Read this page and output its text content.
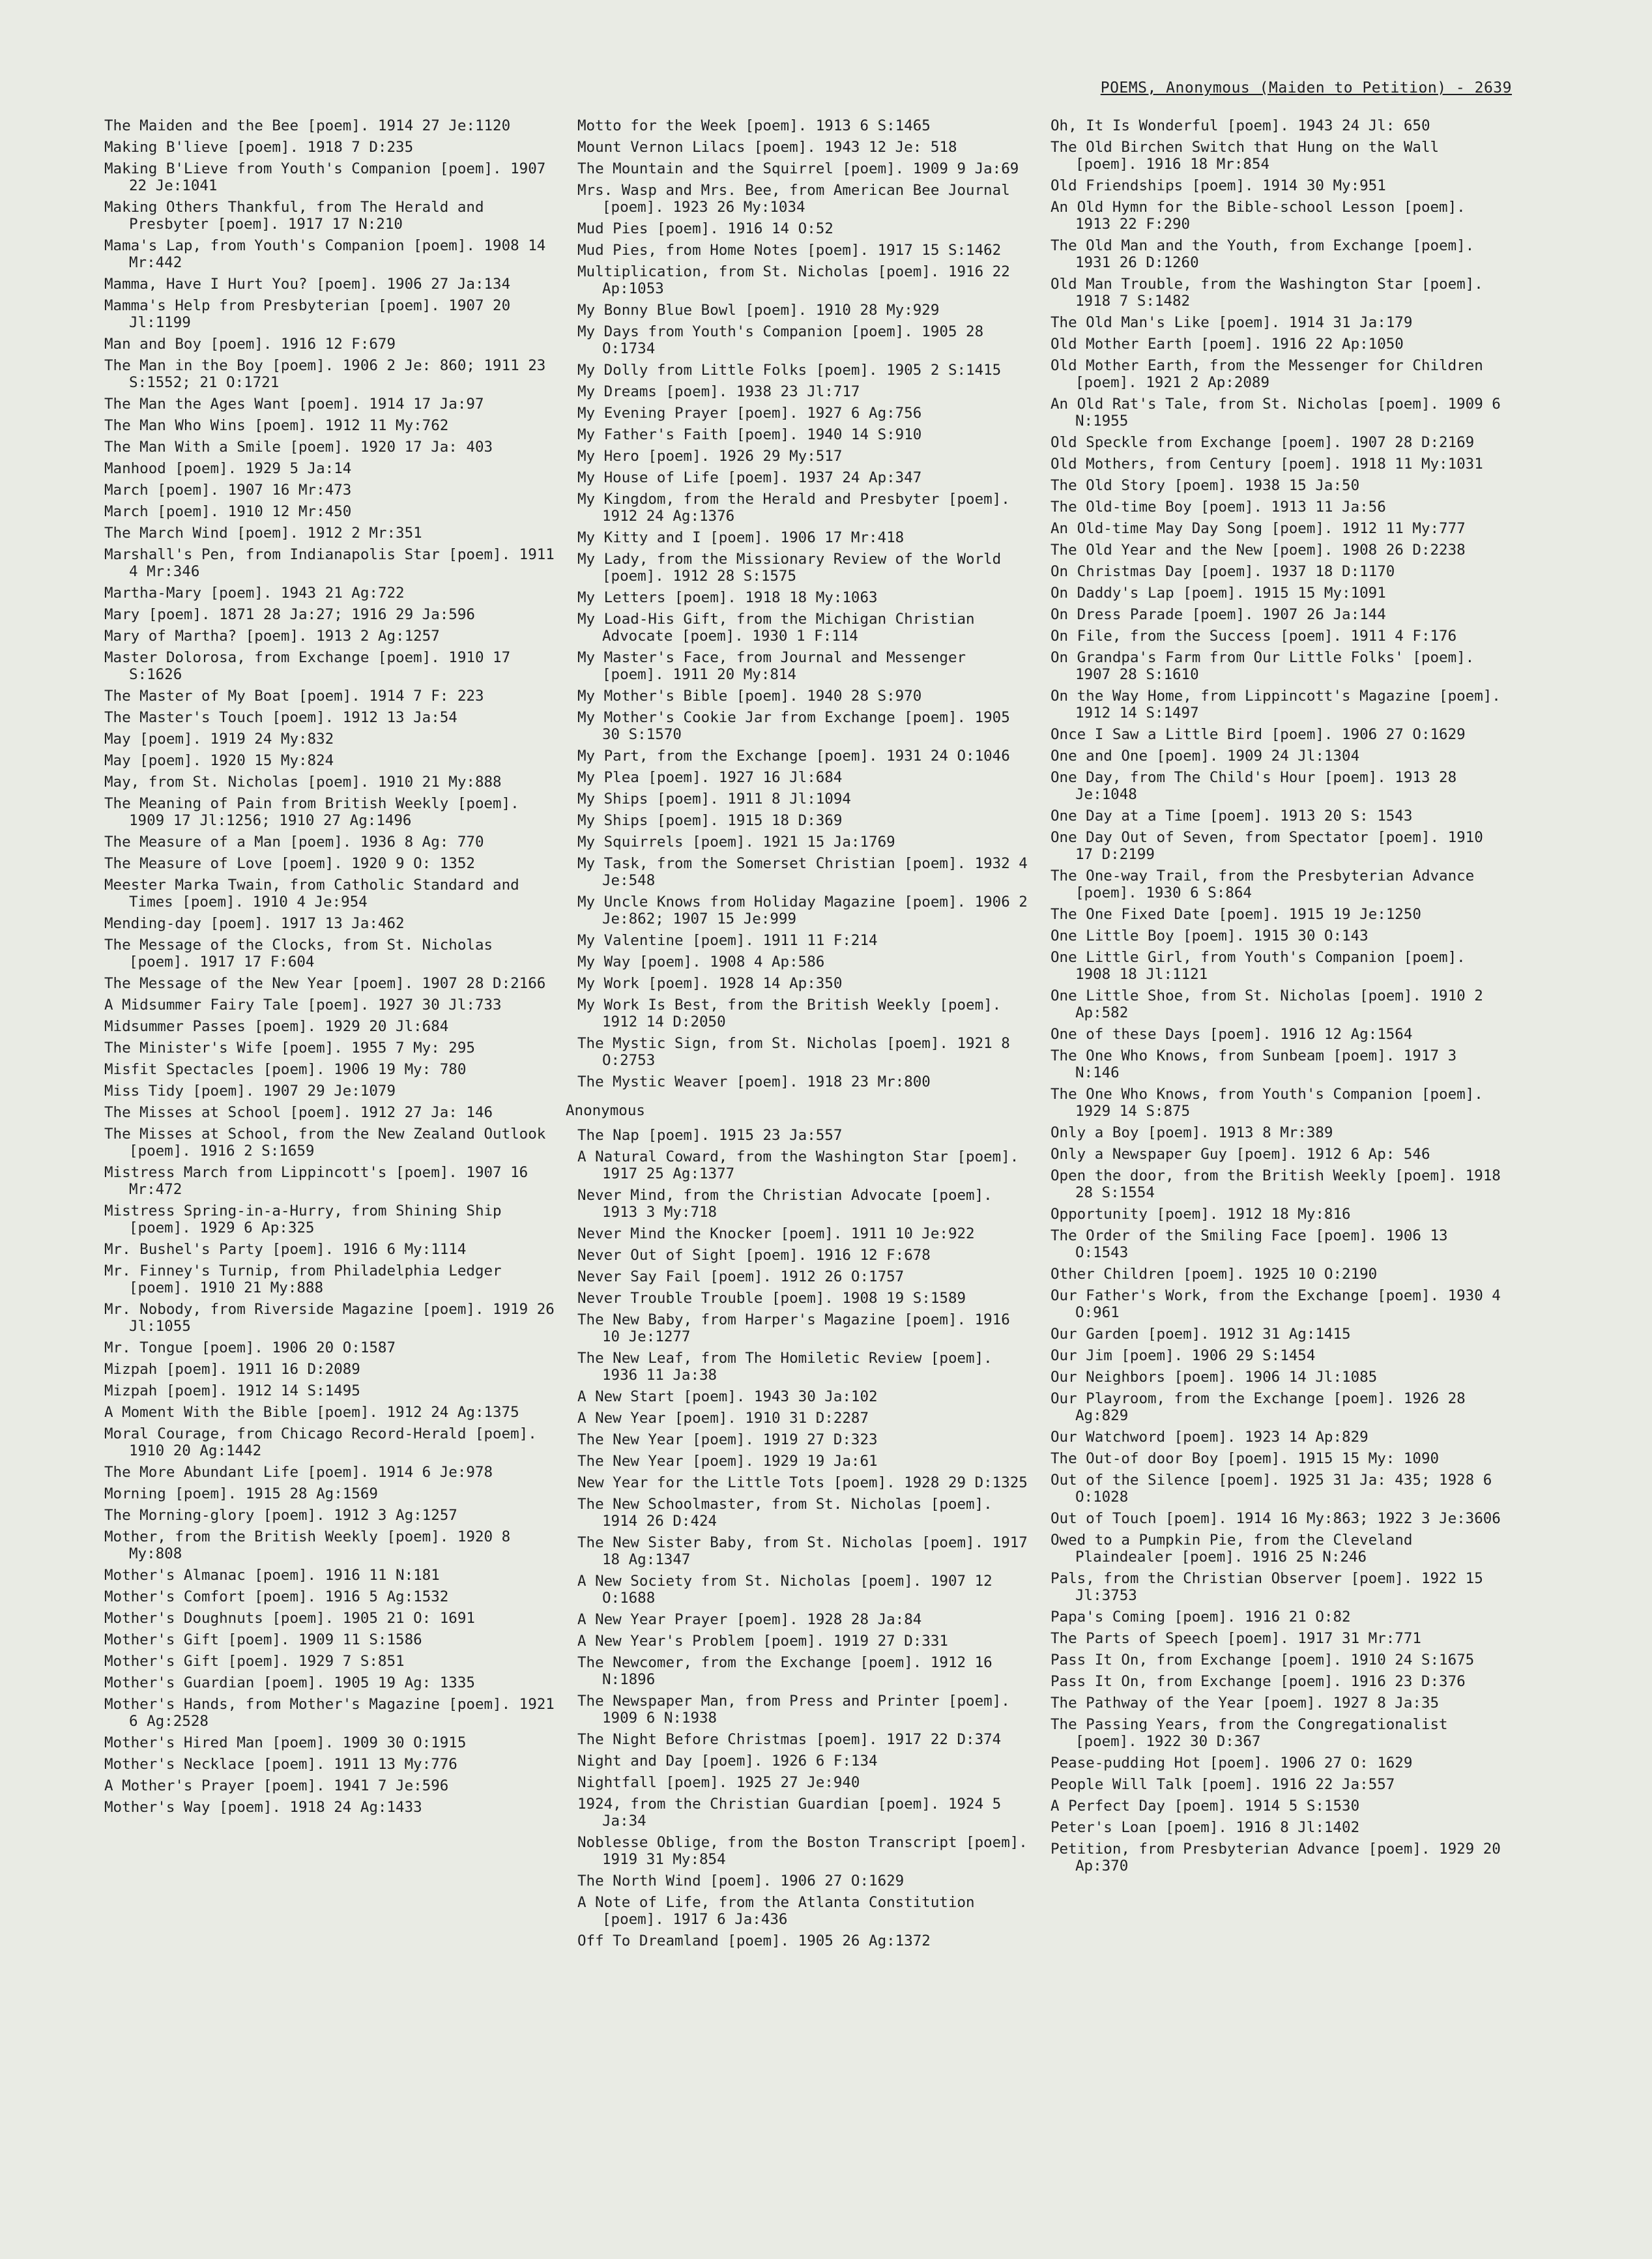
POEMS, Anonymous (Maiden to Petition) - 2639
The Maiden and the Bee [poem]. 1914 27 Je:1120
Making B'lieve [poem]. 1918 7 D:235
Making B'Lieve from Youth's Companion [poem]. 1907 22 Je:1041
Making Others Thankful, from The Herald and Presbyter [poem]. 1917 17 N:210
Mama's Lap, from Youth's Companion [poem]. 1908 14 Mr:442
Mamma, Have I Hurt You? [poem]. 1906 27 Ja:134
Mamma's Help from Presbyterian [poem]. 1907 20 Jl:1199
Man and Boy [poem]. 1916 12 F:679
The Man in the Boy [poem]. 1906 2 Je: 860; 1911 23 S:1552; 21 O:1721
The Man the Ages Want [poem]. 1914 17 Ja:97
The Man Who Wins [poem]. 1912 11 My:762
The Man With a Smile [poem]. 1920 17 Ja: 403
Manhood [poem]. 1929 5 Ja:14
March [poem]. 1907 16 Mr:473
March [poem]. 1910 12 Mr:450
The March Wind [poem]. 1912 2 Mr:351
Marshall's Pen, from Indianapolis Star [poem]. 1911 4 Mr:346
Martha-Mary [poem]. 1943 21 Ag:722
Mary [poem]. 1871 28 Ja:27; 1916 29 Ja:596
Mary of Martha? [poem]. 1913 2 Ag:1257
Master Dolorosa, from Exchange [poem]. 1910 17 S:1626
The Master of My Boat [poem]. 1914 7 F: 223
The Master's Touch [poem]. 1912 13 Ja:54
May [poem]. 1919 24 My:832
May [poem]. 1920 15 My:824
May, from St. Nicholas [poem]. 1910 21 My:888
The Meaning of Pain from British Weekly [poem]. 1909 17 Jl:1256; 1910 27 Ag:1496
The Measure of a Man [poem]. 1936 8 Ag: 770
The Measure of Love [poem]. 1920 9 O: 1352
Meester Marka Twain, from Catholic Standard and Times [poem]. 1910 4 Je:954
Mending-day [poem]. 1917 13 Ja:462
The Message of the Clocks, from St. Nicholas [poem]. 1917 17 F:604
The Message of the New Year [poem]. 1907 28 D:2166
A Midsummer Fairy Tale [poem]. 1927 30 Jl:733
Midsummer Passes [poem]. 1929 20 Jl:684
The Minister's Wife [poem]. 1955 7 My: 295
Misfit Spectacles [poem]. 1906 19 My: 780
Miss Tidy [poem]. 1907 29 Je:1079
The Misses at School [poem]. 1912 27 Ja: 146
The Misses at School, from the New Zealand Outlook [poem]. 1916 2 S:1659
Mistress March from Lippincott's [poem]. 1907 16 Mr:472
Mistress Spring-in-a-Hurry, from Shining Ship [poem]. 1929 6 Ap:325
Mr. Bushel's Party [poem]. 1916 6 My:1114
Mr. Finney's Turnip, from Philadelphia Ledger [poem]. 1910 21 My:888
Mr. Nobody, from Riverside Magazine [poem]. 1919 26 Jl:1055
Mr. Tongue [poem]. 1906 20 O:1587
Mizpah [poem]. 1911 16 D:2089
Mizpah [poem]. 1912 14 S:1495
A Moment With the Bible [poem]. 1912 24 Ag:1375
Moral Courage, from Chicago Record-Herald [poem]. 1910 20 Ag:1442
The More Abundant Life [poem]. 1914 6 Je:978
Morning [poem]. 1915 28 Ag:1569
The Morning-glory [poem]. 1912 3 Ag:1257
Mother, from the British Weekly [poem]. 1920 8 My:808
Mother's Almanac [poem]. 1916 11 N:181
Mother's Comfort [poem]. 1916 5 Ag:1532
Mother's Doughnuts [poem]. 1905 21 O: 1691
Mother's Gift [poem]. 1909 11 S:1586
Mother's Gift [poem]. 1929 7 S:851
Mother's Guardian [poem]. 1905 19 Ag: 1335
Mother's Hands, from Mother's Magazine [poem]. 1921 6 Ag:2528
Mother's Hired Man [poem]. 1909 30 O:1915
Mother's Necklace [poem]. 1911 13 My:776
A Mother's Prayer [poem]. 1941 7 Je:596
Mother's Way [poem]. 1918 24 Ag:1433
Motto for the Week [poem]. 1913 6 S:1465
Mount Vernon Lilacs [poem]. 1943 12 Je: 518
The Mountain and the Squirrel [poem]. 1909 9 Ja:69
Mrs. Wasp and Mrs. Bee, from American Bee Journal [poem]. 1923 26 My:1034
Mud Pies [poem]. 1916 14 O:52
Mud Pies, from Home Notes [poem]. 1917 15 S:1462
Multiplication, from St. Nicholas [poem]. 1916 22 Ap:1053
My Bonny Blue Bowl [poem]. 1910 28 My:929
My Days from Youth's Companion [poem]. 1905 28 O:1734
My Dolly from Little Folks [poem]. 1905 2 S:1415
My Dreams [poem]. 1938 23 Jl:717
My Evening Prayer [poem]. 1927 6 Ag:756
My Father's Faith [poem]. 1940 14 S:910
My Hero [poem]. 1926 29 My:517
My House of Life [poem]. 1937 24 Ap:347
My Kingdom, from the Herald and Presbyter [poem]. 1912 24 Ag:1376
My Kitty and I [poem]. 1906 17 Mr:418
My Lady, from the Missionary Review of the World [poem]. 1912 28 S:1575
My Letters [poem]. 1918 18 My:1063
My Load-His Gift, from the Michigan Christian Advocate [poem]. 1930 1 F:114
My Master's Face, from Journal and Messenger [poem]. 1911 20 My:814
My Mother's Bible [poem]. 1940 28 S:970
My Mother's Cookie Jar from Exchange [poem]. 1905 30 S:1570
My Part, from the Exchange [poem]. 1931 24 O:1046
My Plea [poem]. 1927 16 Jl:684
My Ships [poem]. 1911 8 Jl:1094
My Ships [poem]. 1915 18 D:369
My Squirrels [poem]. 1921 15 Ja:1769
My Task, from the Somerset Christian [poem]. 1932 4 Je:548
My Uncle Knows from Holiday Magazine [poem]. 1906 2 Je:862; 1907 15 Je:999
My Valentine [poem]. 1911 11 F:214
My Way [poem]. 1908 4 Ap:586
My Work [poem]. 1928 14 Ap:350
My Work Is Best, from the British Weekly [poem]. 1912 14 D:2050
The Mystic Sign, from St. Nicholas [poem]. 1921 8 O:2753
The Mystic Weaver [poem]. 1918 23 Mr:800
Anonymous
The Nap [poem]. 1915 23 Ja:557
A Natural Coward, from the Washington Star [poem]. 1917 25 Ag:1377
Never Mind, from the Christian Advocate [poem]. 1913 3 My:718
Never Mind the Knocker [poem]. 1911 10 Je:922
Never Out of Sight [poem]. 1916 12 F:678
Never Say Fail [poem]. 1912 26 O:1757
Never Trouble Trouble [poem]. 1908 19 S:1589
The New Baby, from Harper's Magazine [poem]. 1916 10 Je:1277
The New Leaf, from The Homiletic Review [poem]. 1936 11 Ja:38
A New Start [poem]. 1943 30 Ja:102
A New Year [poem]. 1910 31 D:2287
The New Year [poem]. 1919 27 D:323
The New Year [poem]. 1929 19 Ja:61
New Year for the Little Tots [poem]. 1928 29 D:1325
The New Schoolmaster, from St. Nicholas [poem]. 1914 26 D:424
The New Sister Baby, from St. Nicholas [poem]. 1917 18 Ag:1347
A New Society from St. Nicholas [poem]. 1907 12 O:1688
A New Year Prayer [poem]. 1928 28 Ja:84
A New Year's Problem [poem]. 1919 27 D:331
The Newcomer, from the Exchange [poem]. 1912 16 N:1896
The Newspaper Man, from Press and Printer [poem]. 1909 6 N:1938
The Night Before Christmas [poem]. 1917 22 D:374
Night and Day [poem]. 1926 6 F:134
Nightfall [poem]. 1925 27 Je:940
1924, from the Christian Guardian [poem]. 1924 5 Ja:34
Noblesse Oblige, from the Boston Transcript [poem]. 1919 31 My:854
The North Wind [poem]. 1906 27 O:1629
A Note of Life, from the Atlanta Constitution [poem]. 1917 6 Ja:436
Off To Dreamland [poem]. 1905 26 Ag:1372
Oh, It Is Wonderful [poem]. 1943 24 Jl: 650
The Old Birchen Switch that Hung on the Wall [poem]. 1916 18 Mr:854
Old Friendships [poem]. 1914 30 My:951
An Old Hymn for the Bible-school Lesson [poem]. 1913 22 F:290
The Old Man and the Youth, from Exchange [poem]. 1931 26 D:1260
Old Man Trouble, from the Washington Star [poem]. 1918 7 S:1482
The Old Man's Like [poem]. 1914 31 Ja:179
Old Mother Earth [poem]. 1916 22 Ap:1050
Old Mother Earth, from the Messenger for Children [poem]. 1921 2 Ap:2089
An Old Rat's Tale, from St. Nicholas [poem]. 1909 6 N:1955
Old Speckle from Exchange [poem]. 1907 28 D:2169
Old Mothers, from Century [poem]. 1918 11 My:1031
The Old Story [poem]. 1938 15 Ja:50
The Old-time Boy [poem]. 1913 11 Ja:56
An Old-time May Day Song [poem]. 1912 11 My:777
The Old Year and the New [poem]. 1908 26 D:2238
On Christmas Day [poem]. 1937 18 D:1170
On Daddy's Lap [poem]. 1915 15 My:1091
On Dress Parade [poem]. 1907 26 Ja:144
On File, from the Success [poem]. 1911 4 F:176
On Grandpa's Farm from Our Little Folks' [poem]. 1907 28 S:1610
On the Way Home, from Lippincott's Magazine [poem]. 1912 14 S:1497
Once I Saw a Little Bird [poem]. 1906 27 O:1629
One and One [poem]. 1909 24 Jl:1304
One Day, from The Child's Hour [poem]. 1913 28 Je:1048
One Day at a Time [poem]. 1913 20 S: 1543
One Day Out of Seven, from Spectator [poem]. 1910 17 D:2199
The One-way Trail, from the Presbyterian Advance [poem]. 1930 6 S:864
The One Fixed Date [poem]. 1915 19 Je:1250
One Little Boy [poem]. 1915 30 O:143
One Little Girl, from Youth's Companion [poem]. 1908 18 Jl:1121
One Little Shoe, from St. Nicholas [poem]. 1910 2 Ap:582
One of these Days [poem]. 1916 12 Ag:1564
The One Who Knows, from Sunbeam [poem]. 1917 3 N:146
The One Who Knows, from Youth's Companion [poem]. 1929 14 S:875
Only a Boy [poem]. 1913 8 Mr:389
Only a Newspaper Guy [poem]. 1912 6 Ap: 546
Open the door, from the British Weekly [poem]. 1918 28 S:1554
Opportunity [poem]. 1912 18 My:816
The Order of the Smiling Face [poem]. 1906 13 O:1543
Other Children [poem]. 1925 10 O:2190
Our Father's Work, from the Exchange [poem]. 1930 4 O:961
Our Garden [poem]. 1912 31 Ag:1415
Our Jim [poem]. 1906 29 S:1454
Our Neighbors [poem]. 1906 14 Jl:1085
Our Playroom, from the Exchange [poem]. 1926 28 Ag:829
Our Watchword [poem]. 1923 14 Ap:829
The Out-of door Boy [poem]. 1915 15 My: 1090
Out of the Silence [poem]. 1925 31 Ja: 435; 1928 6 O:1028
Out of Touch [poem]. 1914 16 My:863; 1922 3 Je:3606
Owed to a Pumpkin Pie, from the Cleveland Plaindealer [poem]. 1916 25 N:246
Pals, from the Christian Observer [poem]. 1922 15 Jl:3753
Papa's Coming [poem]. 1916 21 O:82
The Parts of Speech [poem]. 1917 31 Mr:771
Pass It On, from Exchange [poem]. 1910 24 S:1675
Pass It On, from Exchange [poem]. 1916 23 D:376
The Pathway of the Year [poem]. 1927 8 Ja:35
The Passing Years, from the Congregationalist [poem]. 1922 30 D:367
Pease-pudding Hot [poem]. 1906 27 O: 1629
People Will Talk [poem]. 1916 22 Ja:557
A Perfect Day [poem]. 1914 5 S:1530
Peter's Loan [poem]. 1916 8 Jl:1402
Petition, from Presbyterian Advance [poem]. 1929 20 Ap:370
